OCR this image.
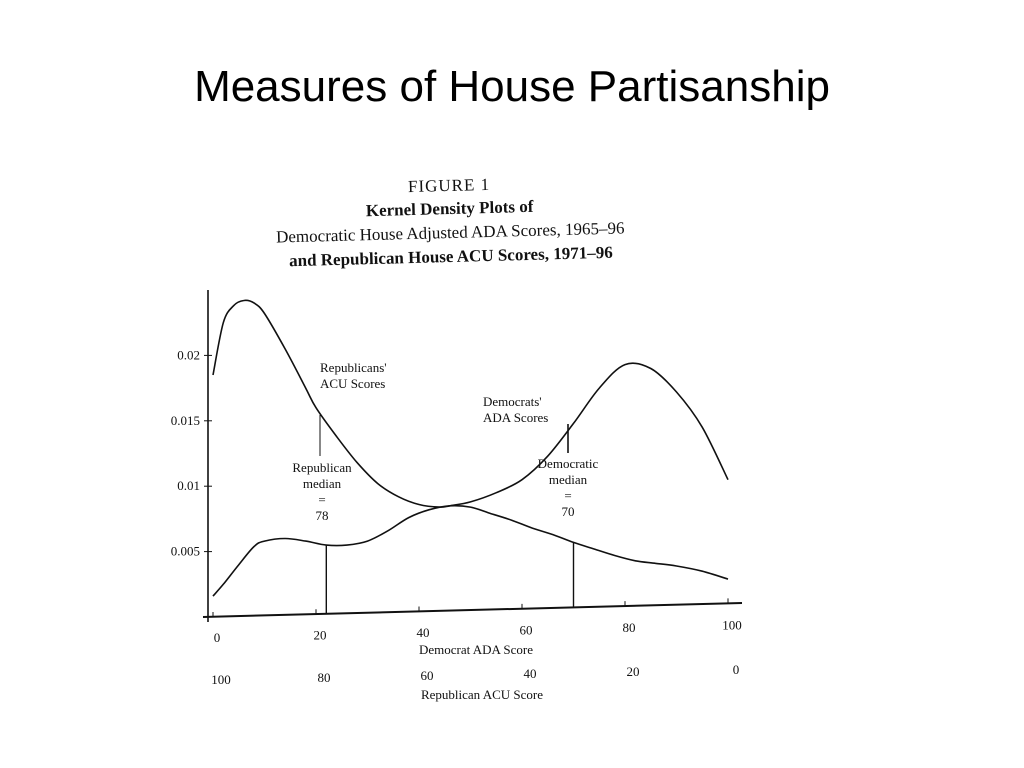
Measures of House Partisanship
FIGURE 1
Kernel Density Plots of
Democratic House Adjusted ADA Scores, 1965–96
and Republican House ACU Scores, 1971–96
0.005
0.01
0.015
0.02
0	20	40	60	80	100
100	80	60	40	20	0
Democrat ADA Score
Republican ACU Score
Republicans'
ACU Scores
Democrats'
ADA Scores
Republican
median
=
78
Democratic
median
=
70
